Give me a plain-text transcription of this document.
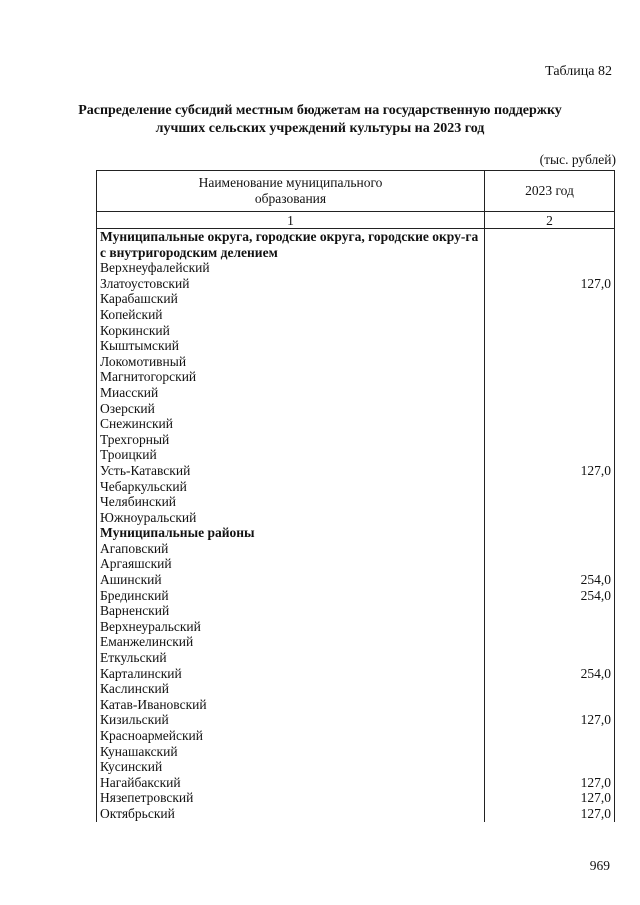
Таблица 82
Распределение субсидий местным бюджетам на государственную поддержку лучших сельских учреждений культуры на 2023 год
(тыс. рублей)
Наименование муниципального образования	2023 год
1	2
Муниципальные округа, городские округа, городские окру-га с внутригородским делением	
Верхнеуфалейский	
Златоустовский	127,0
Карабашский	
Копейский	
Коркинский	
Кыштымский	
Локомотивный	
Магнитогорский	
Миасский	
Озерский	
Снежинский	
Трехгорный	
Троицкий	
Усть-Катавский	127,0
Чебаркульский	
Челябинский	
Южноуральский	
Муниципальные районы	
Агаповский	
Аргаяшский	
Ашинский	254,0
Брединский	254,0
Варненский	
Верхнеуральский	
Еманжелинский	
Еткульский	
Карталинский	254,0
Каслинский	
Катав-Ивановский	
Кизильский	127,0
Красноармейский	
Кунашакский	
Кусинский	
Нагайбакский	127,0
Нязепетровский	127,0
Октябрьский	127,0
969
